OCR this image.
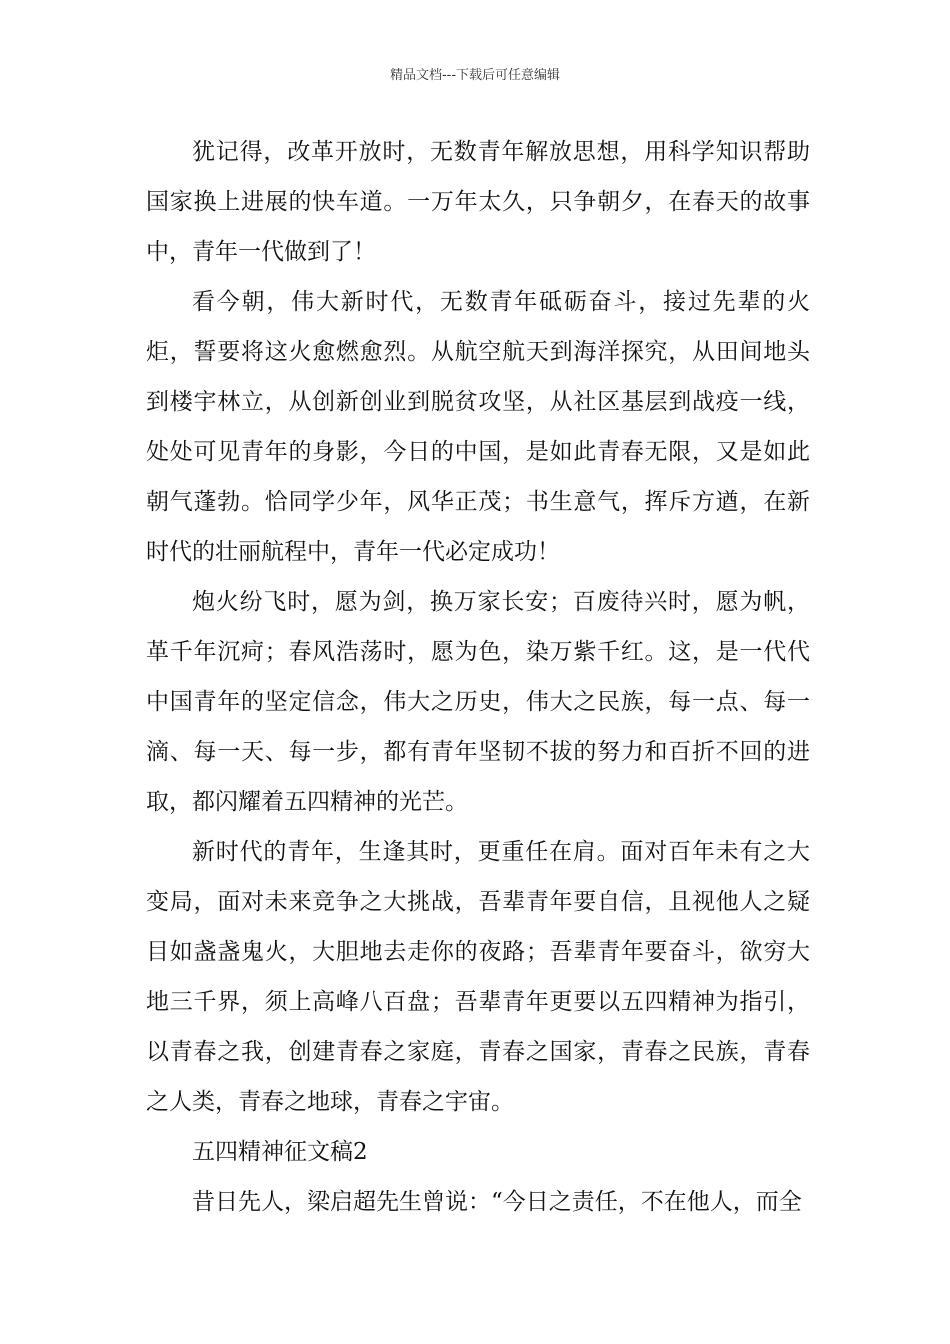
精品文档---下载后可任意编辑

犹记得，改革开放时，无数青年解放思想，用科学知识帮助国家换上进展的快车道。一万年太久，只争朝夕，在春天的故事中，青年一代做到了！

看今朝，伟大新时代，无数青年砥砺奋斗，接过先辈的火炬，誓要将这火愈燃愈烈。从航空航天到海洋探究，从田间地头到楼宇林立，从创新创业到脱贫攻坚，从社区基层到战疫一线，处处可见青年的身影，今日的中国，是如此青春无限，又是如此朝气蓬勃。恰同学少年，风华正茂；书生意气，挥斥方遒，在新时代的壮丽航程中，青年一代必定成功！

炮火纷飞时，愿为剑，换万家长安；百废待兴时，愿为帆，革千年沉疴；春风浩荡时，愿为色，染万紫千红。这，是一代代中国青年的坚定信念，伟大之历史，伟大之民族，每一点、每一滴、每一天、每一步，都有青年坚韧不拔的努力和百折不回的进取，都闪耀着五四精神的光芒。

新时代的青年，生逢其时，更重任在肩。面对百年未有之大变局，面对未来竞争之大挑战，吾辈青年要自信，且视他人之疑目如盏盏鬼火，大胆地去走你的夜路；吾辈青年要奋斗，欲穷大地三千界，须上高峰八百盘；吾辈青年更要以五四精神为指引，以青春之我，创建青春之家庭，青春之国家，青春之民族，青春之人类，青春之地球，青春之宇宙。

五四精神征文稿2

昔日先人，梁启超先生曾说：“今日之责任，不在他人，而全
